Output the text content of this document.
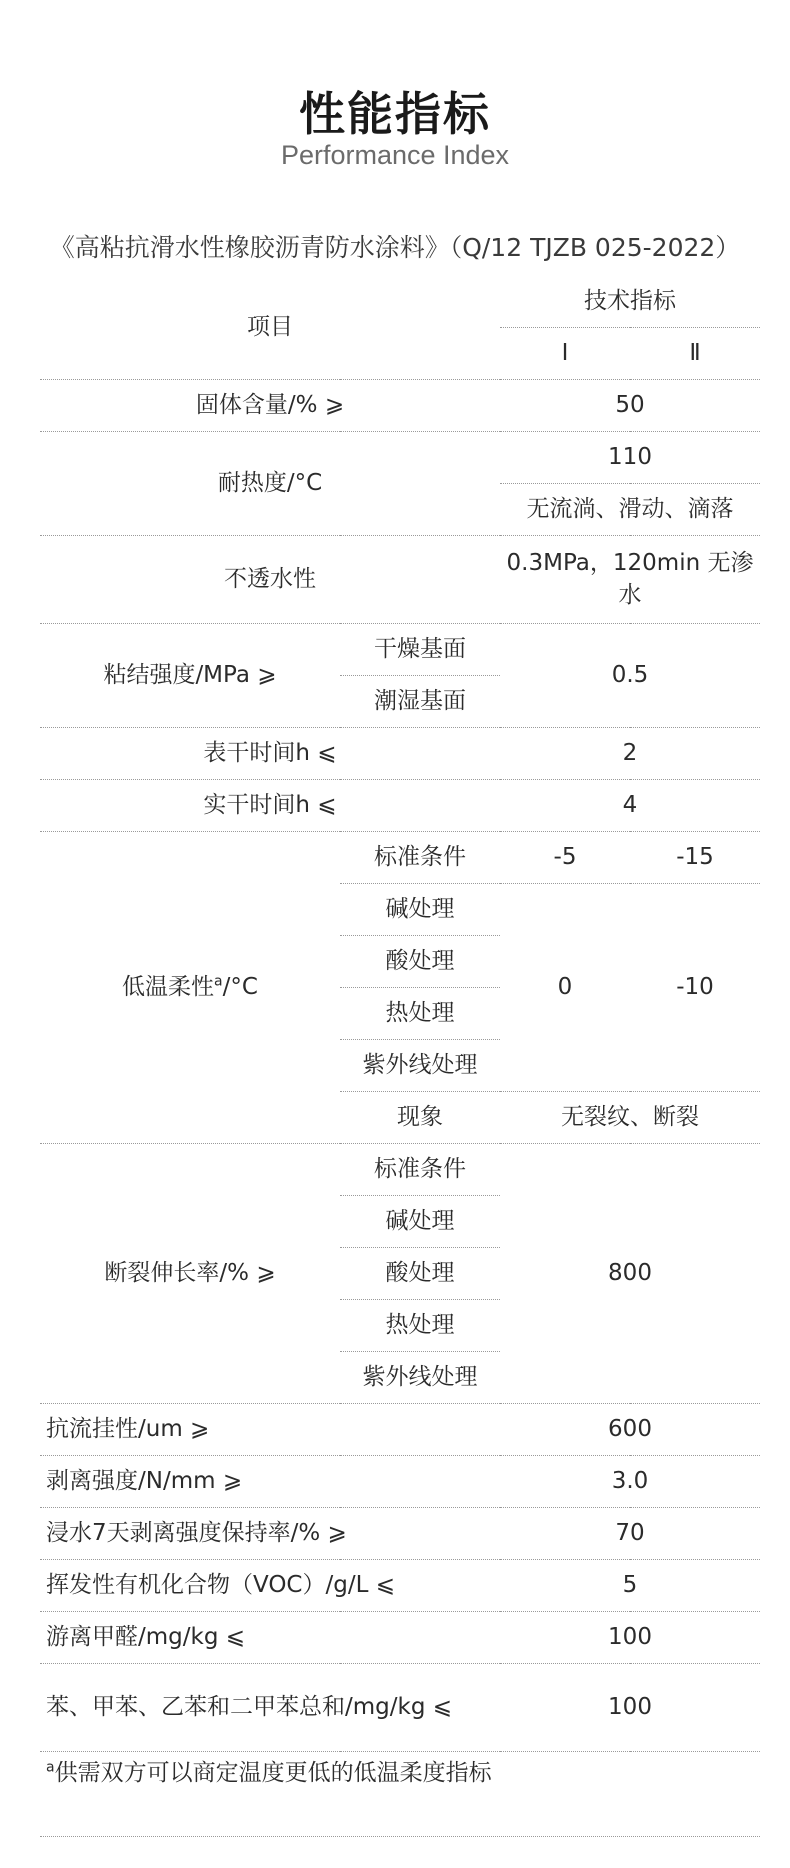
性能指标
Performance Index
《高粘抗滑水性橡胶沥青防水涂料》（Q/12 TJZB 025-2022）
项目		技术指标	
		Ⅰ	Ⅱ
固体含量/% ⩾		50	
耐热度/°C		110	
		无流淌、滑动、滴落	
不透水性		0.3MPa，120min 无渗水	
粘结强度/MPa ⩾	干燥基面	0.5	
	潮湿基面		
表干时间h ⩽		2	
实干时间h ⩽		4	
低温柔性$^a$/°C	标准条件	-5	-15
	碱处理	0	-10
	酸处理		
	热处理		
	紫外线处理		
	现象	无裂纹、断裂	
断裂伸长率/% ⩾	标准条件	800	
	碱处理		
	酸处理		
	热处理		
	紫外线处理		
抗流挂性/um ⩾		600	
剥离强度/N/mm ⩾		3.0	
浸水7天剥离强度保持率/% ⩾		70	
挥发性有机化合物（VOC）/g/L ⩽		5	
游离甲醛/mg/kg ⩽		100	
苯、甲苯、乙苯和二甲苯总和/mg/kg ⩽		100	
$^a$供需双方可以商定温度更低的低温柔度指标
